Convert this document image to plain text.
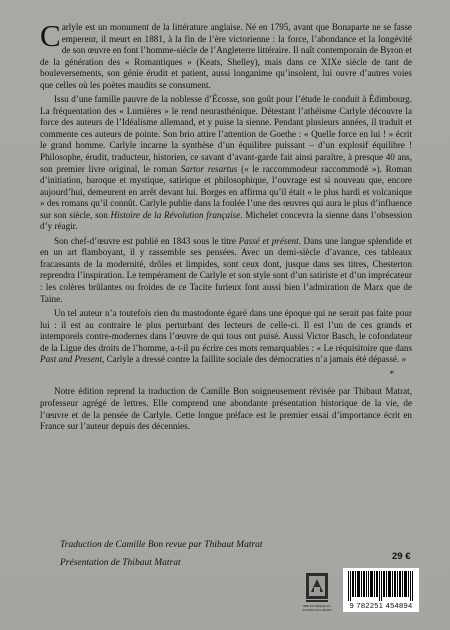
Carlyle est un monument de la littérature anglaise. Né en 1795, avant que Bonaparte ne se fasse empereur, il meurt en 1881, à la fin de l’ère victorienne : la force, l’abondance et la longévité de son œuvre en font l’homme-siècle de l’Angleterre littéraire. Il naît contemporain de Byron et de la génération des « Romantiques » (Keats, Shelley), mais dans ce XIXe siècle de tant de bouleversements, son génie érudit et patient, aussi longanime qu’insolent, lui ouvre d’autres voies que celles où les poètes maudits se consument.

Issu d’une famille pauvre de la noblesse d’Écosse, son goût pour l’étude le conduit à Édimbourg. La fréquentation des « Lumières » le rend neurasthénique. Détestant l’athéisme Carlyle découvre la force des auteurs de l’Idéalisme allemand, et y puise la sienne. Pendant plusieurs années, il traduit et commente ces auteurs de pointe. Son brio attire l’attention de Goethe : « Quelle force en lui ! » écrit le grand homme. Carlyle incarne la synthèse d’un équilibre puissant – d’un explosif équilibre ! Philosophe, érudit, traducteur, historien, ce savant d’avant-garde fait ainsi paraître, à presque 40 ans, son premier livre original, le roman Sartor resartus (« le raccommodeur raccommodé »). Roman d’initiation, baroque et mystique, satirique et philosophique, l’ouvrage est si nouveau que, encore aujourd’hui, demeurent en arrêt devant lui. Borges en affirma qu’il était « le plus hardi et volcanique » des romans qu’il connût. Carlyle publie dans la foulée l’une des œuvres qui aura le plus d’influence sur son siècle, son Histoire de la Révolution française. Michelet concevra la sienne dans l’obsession d’y réagir.

Son chef-d’œuvre est publié en 1843 sous le titre Passé et présent. Dans une langue splendide et en un art flamboyant, il y rassemble ses pensées. Avec un demi-siècle d’avance, ces tableaux fracassants de la modernité, drôles et limpides, sont ceux dont, jusque dans ses titres, Chesterton reprendra l’inspiration. Le tempérament de Carlyle et son style sont d’un satiriste et d’un imprécateur : les colères brûlantes ou froides de ce Tacite furieux font aussi bien l’admiration de Marx que de Taine.

Un tel auteur n’a toutefois rien du mastodonte égaré dans une époque qui ne serait pas faite pour lui : il est au contraire le plus perturbant des lecteurs de celle-ci. Il est l’un de ces grands et intemporels contre-modernes dans l’œuvre de qui tous ont puisé. Aussi Victor Basch, le cofondateur de la Ligue des droits de l’homme, a-t-il pu écrire ces mots remarquables : « Le réquisitoire que dans Past and Present, Carlyle a dressé contre la faillite sociale des démocraties n’a jamais été dépassé. »

*

Notre édition reprend la traduction de Camille Bon soigneusement révisée par Thibaut Matrat, professeur agrégé de lettres. Elle comprend une abondante présentation historique de la vie, de l’œuvre et de la pensée de Carlyle. Cette longue préface est le premier essai d’importance écrit en France sur l’auteur depuis des décennies.

Traduction de Camille Bon revue par Thibaut Matrat
Présentation de Thibaut Matrat
29 €
BIBLIOTHÈQUE DU SAVOIR GALLIMARD	9 782251 454894
